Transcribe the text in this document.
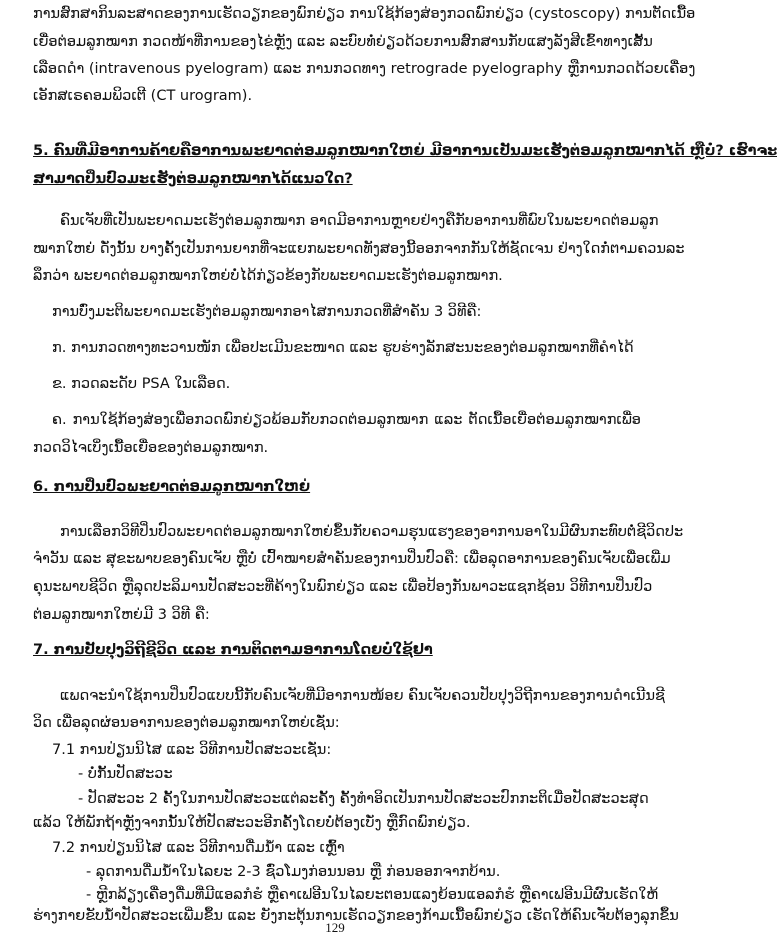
ການສົກສາກິນລະສາດຂອງການເຮັດວຽກຂອງພົກຍ່ຽວ ການໃຊ້ກ້ອງສ່ອງກວດພົກຍ່ຽວ (cystoscopy) ການຕັດເນື້ອ
ເຍື່ອຕ່ອມລູກໝາກ ກວດໜ້າທີ່ການຂອງໄຂ່ຫຼັງ ແລະ ລະບົບທໍ່ຍ່ຽວດ້ວຍການສົກສານກັບແສງລັງສີເຂົ້າທາງເສັ້ນ
ເລືອດດຳ (intravenous pyelogram) ແລະ ການກວດທາງ retrograde pyelography ຫຼືການກວດດ້ວຍເຄື່ອງ
ເອັກສເຣຄອມພິວເຕີ (CT urogram).
5. ຄົນທີ່ມີອາການຄ້າຍຄືອາການພະຍາດຕ່ອມລູກໝາກໃຫຍ່ ມີອາການເປັນມະເຮັງຕ່ອມລູກໝາກໄດ້ ຫຼືບໍ່? ເຮົາຈະ
ສາມາດປິ່ນປົວມະເຮັງຕ່ອມລູກໝາກໄດ້ແນວໃດ?
ຄົນເຈັບທີ່ເປັນພະຍາດມະເຮັງຕ່ອມລູກໝາກ ອາດມີອາການຫຼາຍຢ່າງຄືກັບອາການທີ່ພົບໃນພະຍາດຕ່ອມລູກ
ໝາກໃຫຍ່ ດັ່ງນັ້ນ ບາງຄັ້ງເປັນການຍາກທີ່ຈະແຍກພະຍາດທັງສອງນີ້ອອກຈາກກັນໃຫ້ຊັດເຈນ ຢ່າງໃດກໍ່ຕາມຄວນລະ
ລຶກວ່າ ພະຍາດຕ່ອມລູກໝາກໃຫຍ່ບໍ່ໄດ້ກ່ຽວຂ້ອງກັບພະຍາດມະເຮັງຕ່ອມລູກໝາກ.
ການບົ່ງມະຕິພະຍາດມະເຮັງຕ່ອມລູກໝາກອາໄສການກວດທີ່ສຳຄັນ 3 ວິທີຄື:
ກ. ການກວດທາງທະວານໜັກ ເພື່ອປະເມີນຂະໜາດ ແລະ ຮູບຮ່າງລັກສະນະຂອງຕ່ອມລູກໝາກທີ່ຄຳໄດ້
ຂ. ກວດລະດັບ PSA ໃນເລືອດ.
ຄ. ການໃຊ້ກ້ອງສ່ອງເພື່ອກວດພົກຍ່ຽວພ້ອມກັບກວດຕ່ອມລູກໝາກ ແລະ ຕັດເນື້ອເຍື່ອຕ່ອມລູກໝາກເພື່ອ
ກວດວິໄຈເບິ່ງເນື້ອເຍື່ອຂອງຕ່ອມລູກໝາກ.
6. ການປິ່ນປົວພະຍາດຕ່ອມລູກໝາກໃຫຍ່
ການເລືອກວິທີປິ່ນປົວພະຍາດຕ່ອມລູກໝາກໃຫຍ່ຂຶ້ນກັບຄວາມຮຸນແຮງຂອງອາການອາໃນມີຜົນກະທົບຕໍ່ຊີວິດປະ
ຈຳວັນ ແລະ ສຸຂະພາບຂອງຄົນເຈັບ ຫຼືບໍ່ ເປົ້າໝາຍສຳຄັນຂອງການປິ່ນປົວຄື: ເພື່ອລຸດອາການຂອງຄົນເຈັບເພື່ອເພີ່ມ
ຄຸນະພາບຊີວິດ ຫຼືລຸດປະລິມານປັດສະວະທີ່ຄ້າງໃນພົກຍ່ຽວ ແລະ ເພື່ອປ້ອງກັນພາວະແຊກຊ້ອນ ວິທີການປິ່ນປົວ
ຕ່ອມລູກໝາກໃຫຍ່ມີ 3 ວິທີ ຄື:
7. ການປັບປຸງວິຖີຊີວິດ ແລະ ການຕິດຕາມອາການໂດຍບໍ່ໃຊ້ຢາ
ແພດຈະນຳໃຊ້ການປິ່ນປົວແບບນີ້ກັບຄົນເຈັບທີ່ມີອາການໜ້ອຍ ຄົນເຈັບຄວນປັບປຸງວິຖີການຂອງການດຳເນີນຊີ
ວິດ ເພື່ອລຸດຜ່ອນອາການຂອງຕ່ອມລູກໝາກໃຫຍ່ເຊັ່ນ:
7.1 ການປ່ຽນນິໄສ ແລະ ວິທີການປັດສະວະເຊັ່ນ:
- ບໍ່ກັ້ນປັດສະວະ
- ປັດສະວະ 2 ຄັ້ງໃນການປັດສະວະແຕ່ລະຄັ້ງ ຄັ້ງທຳອິດເປັນການປັດສະວະປົກກະຕິເມື່ອປັດສະວະສຸດ
ແລ້ວ ໃຫ້ພັກຖ້າຫຼັງຈາກນັ້ນໃຫ້ປັດສະວະອີກຄັ້ງໂດຍບໍ່ຕ້ອງເບັ່ງ ຫຼືກົດພົກຍ່ຽວ.
129
7.2 ການປ່ຽນນິໄສ ແລະ ວິທີການດື່ມນ້ຳ ແລະ ເຫຼົ້າ
- ລຸດການດື່ມນ້ຳໃນໄລຍະ 2-3 ຊົ່ວໂມງກ່ອນນອນ ຫຼື ກ່ອນອອກຈາກບ້ານ.
- ຫຼີກລ້ຽງເຄື່ອງດື່ມທີ່ມີແອລກໍຮໍ ຫຼືຄາເຟອີນໃນໄລຍະຕອນແລງຍ້ອນແອລກໍຮໍ ຫຼືຄາເຟອີນມີຜົນເຮັດໃຫ້
ຮ່າງກາຍຂັບນ້ຳປັດສະວະເພີ່ມຂຶ້ນ ແລະ ຍັງກະຕຸ້ນການເຮັດວຽກຂອງກ້າມເນື້ອພົກຍ່ຽວ ເຮັດໃຫ້ຄົນເຈັບຕ້ອງລຸກຂຶ້ນ
